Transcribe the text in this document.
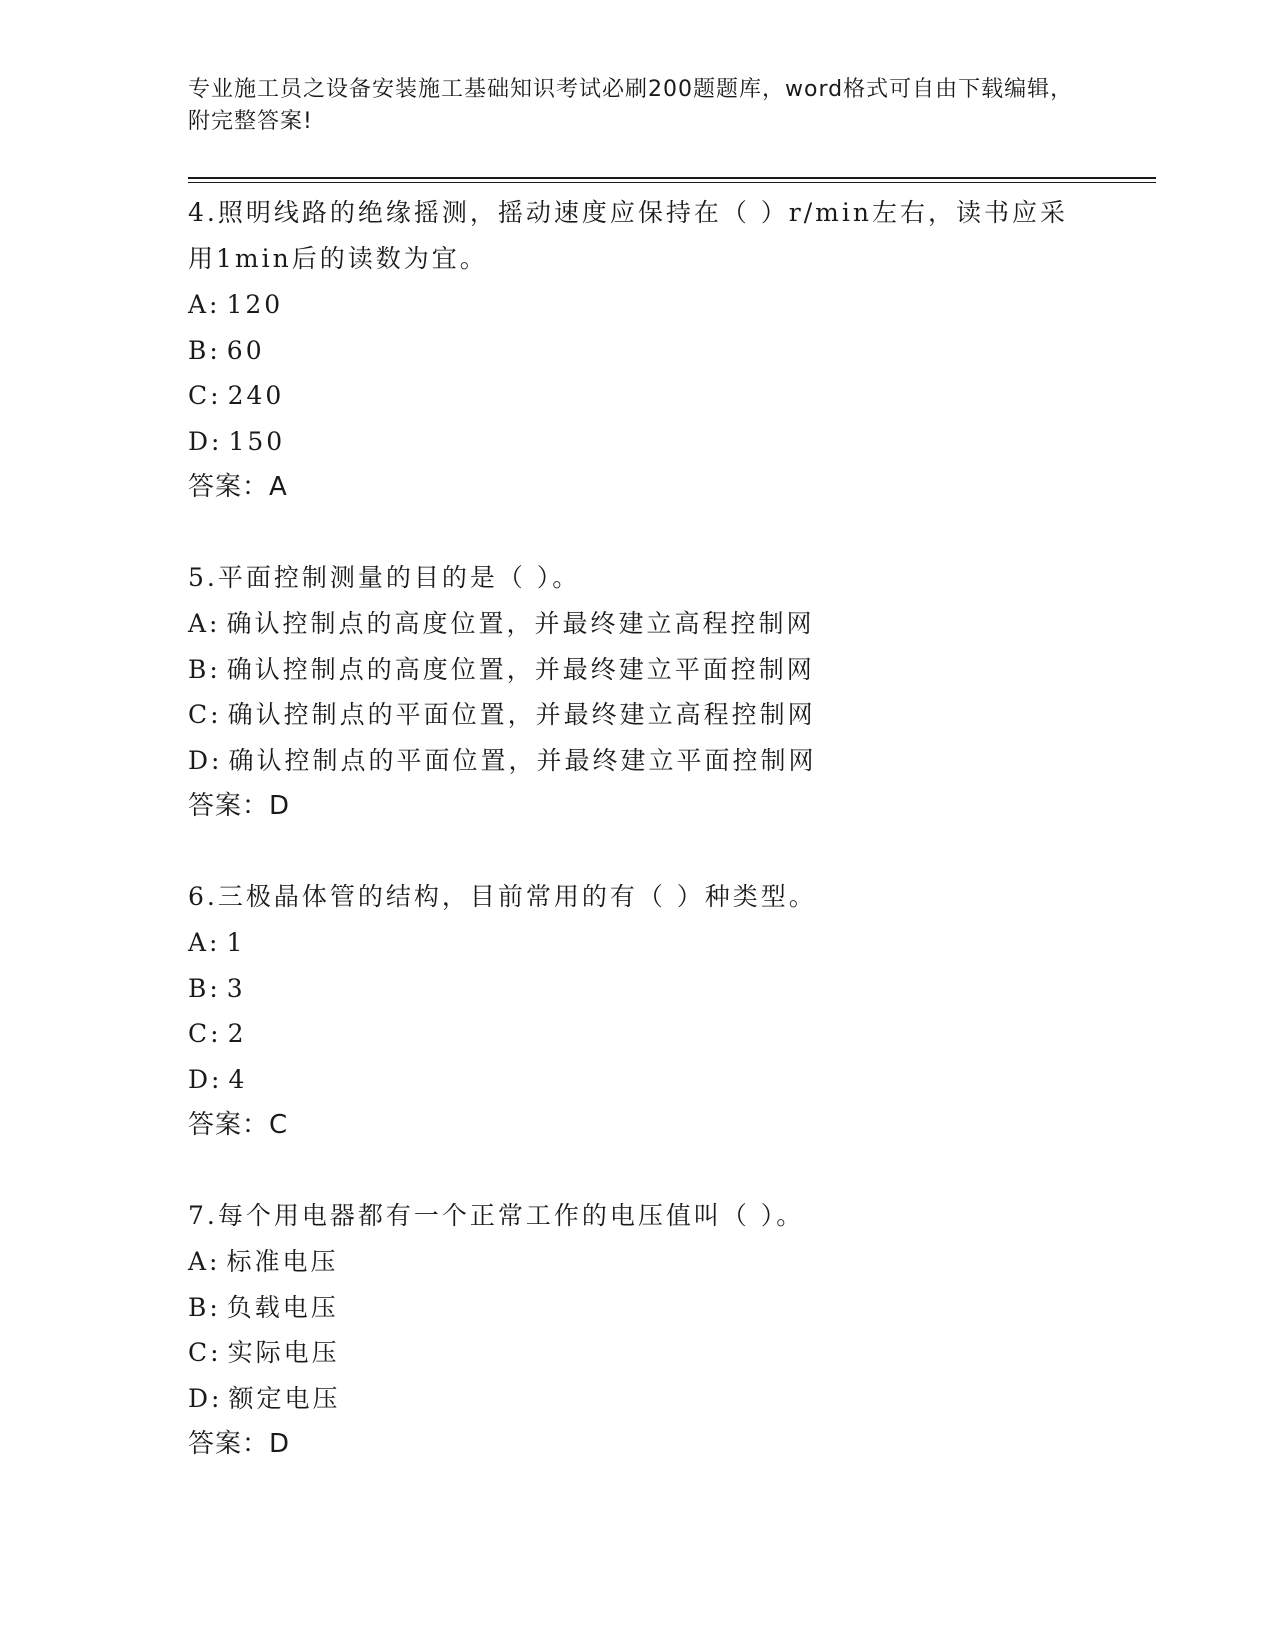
专业施工员之设备安装施工基础知识考试必刷200题题库，word格式可自由下载编辑，附完整答案!

4.照明线路的绝缘摇测，摇动速度应保持在（ ）r/min左右，读书应采用1min后的读数为宜。

A: 120

B: 60

C: 240

D: 150

答案：A

5.平面控制测量的目的是（ ）。

A: 确认控制点的高度位置，并最终建立高程控制网

B: 确认控制点的高度位置，并最终建立平面控制网

C: 确认控制点的平面位置，并最终建立高程控制网

D: 确认控制点的平面位置，并最终建立平面控制网

答案：D

6.三极晶体管的结构，目前常用的有（ ）种类型。

A: 1

B: 3

C: 2

D: 4

答案：C

7.每个用电器都有一个正常工作的电压值叫（ ）。

A: 标准电压

B: 负载电压

C: 实际电压

D: 额定电压

答案：D
